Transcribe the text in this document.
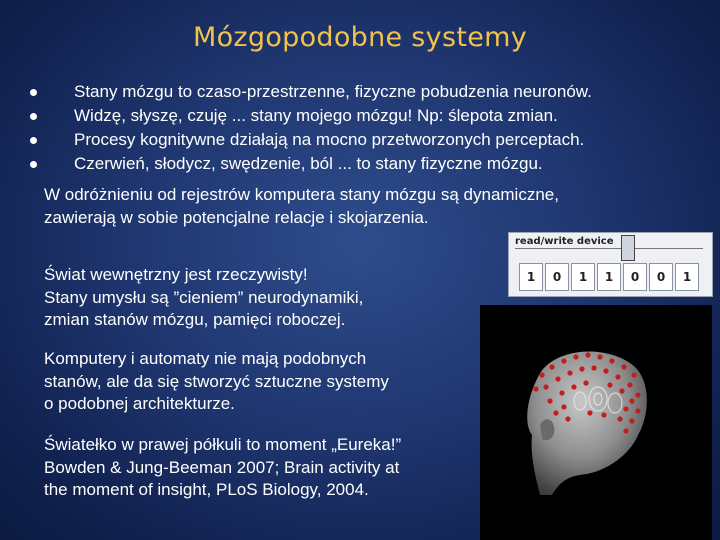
Mózgopodobne systemy
Stany mózgu to czaso-przestrzenne, fizyczne pobudzenia neuronów.
Widzę, słyszę, czuję ... stany mojego mózgu! Np: ślepota zmian.
Procesy kognitywne działają na mocno przetworzonych perceptach.
Czerwień, słodycz, swędzenie, ból ... to stany fizyczne mózgu.
W odróżnieniu od rejestrów komputera stany mózgu są dynamiczne,
zawierają w sobie potencjalne relacje i skojarzenia.
Świat wewnętrzny jest rzeczywisty!
Stany umysłu są ”cieniem” neurodynamiki,
zmian stanów mózgu, pamięci roboczej.
Komputery i automaty nie mają podobnych
stanów, ale da się stworzyć sztuczne systemy
o podobnej architekturze.
Światełko w prawej półkuli to moment „Eureka!”
Bowden & Jung-Beeman 2007; Brain activity at
the moment of insight, PLoS Biology, 2004.
read/write device
1	0	1	1	0	0	1
